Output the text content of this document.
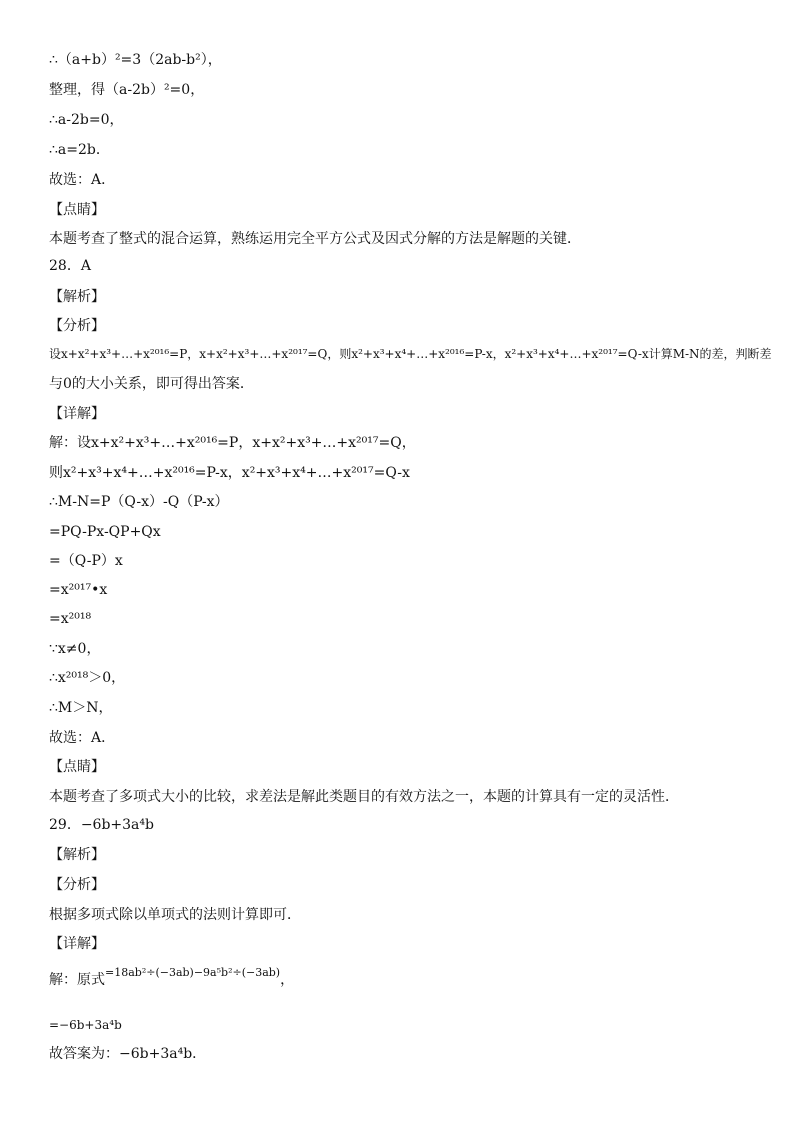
∴（a+b）²=3（2ab-b²），
整理，得（a-2b）²=0，
∴a-2b=0，
∴a=2b．
故选：A．
【点睛】
本题考查了整式的混合运算，熟练运用完全平方公式及因式分解的方法是解题的关键．
28．A
【解析】
【分析】
设x+x²+x³+…+x²⁰¹⁶=P，x+x²+x³+…+x²⁰¹⁷=Q，则x²+x³+x⁴+…+x²⁰¹⁶=P-x，x²+x³+x⁴+…+x²⁰¹⁷=Q-x计算M-N的差，判断差
与0的大小关系，即可得出答案．
【详解】
解：设x+x²+x³+…+x²⁰¹⁶=P，x+x²+x³+…+x²⁰¹⁷=Q，
则x²+x³+x⁴+…+x²⁰¹⁶=P-x，x²+x³+x⁴+…+x²⁰¹⁷=Q-x
∴M-N=P（Q-x）-Q（P-x）
=PQ-Px-QP+Qx
=（Q-P）x
=x²⁰¹⁷•x
=x²⁰¹⁸
∵x≠0，
∴x²⁰¹⁸＞0，
∴M＞N，
故选：A．
【点睛】
本题考查了多项式大小的比较，求差法是解此类题目的有效方法之一，本题的计算具有一定的灵活性．
29．−6b+3a⁴b
【解析】
【分析】
根据多项式除以单项式的法则计算即可．
【详解】
解：原式$^{=18ab^2\div(-3ab)-9a^5b^2\div(-3ab)}$，
=−6b+3a⁴b
故答案为：−6b+3a⁴b．
